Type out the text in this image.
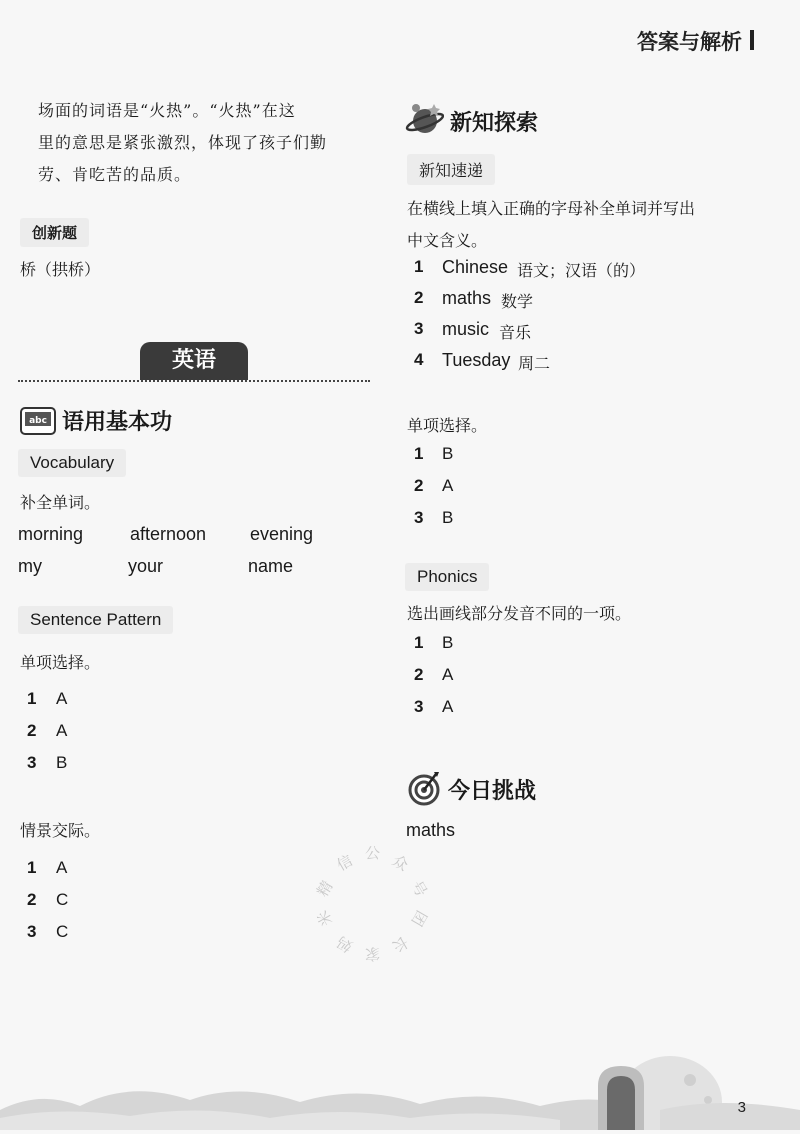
答案与解析
场面的词语是“火热”。“火热”在这
里的意思是紧张激烈，体现了孩子们勤
劳、肯吃苦的品质。
创新题
桥（拱桥）
英语
abc 语用基本功
Vocabulary
补全单词。
morning	afternoon evening
my	your	name
Sentence Pattern
单项选择。
1 A
2 A
3 B
情景交际。
1 A
2 C
3 C
新知探索
新知速递
在横线上填入正确的字母补全单词并写出
中文含义。
1 Chinese 语文；汉语（的）
2 maths 数学
3 music 音乐
4 Tuesday 周二
单项选择。
1 B
2 A
3 B
Phonics
选出画线部分发音不同的一项。
1 B
2 A
3 A
今日挑战
maths
精
信 公 众
号
米
妈 家 长
团
3
